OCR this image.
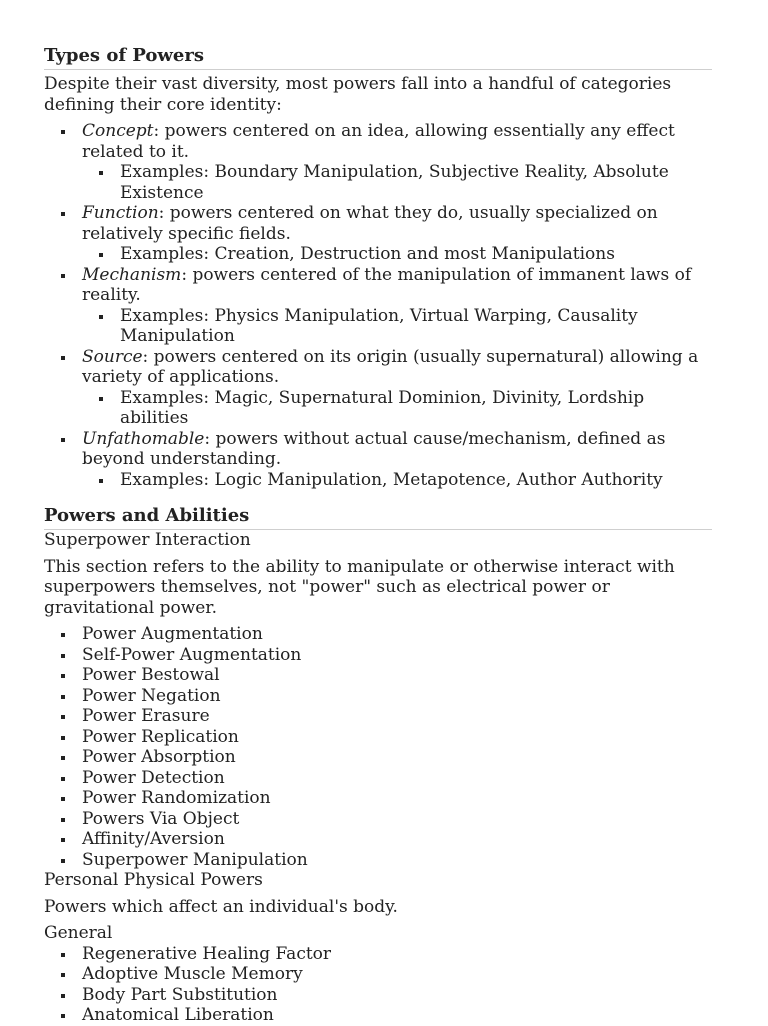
Types of Powers

Despite their vast diversity, most powers fall into a handful of categories defining their core identity:

Concept: powers centered on an idea, allowing essentially any effect related to it.
Examples: Boundary Manipulation, Subjective Reality, Absolute Existence
Function: powers centered on what they do, usually specialized on relatively specific fields.
Examples: Creation, Destruction and most Manipulations
Mechanism: powers centered of the manipulation of immanent laws of reality.
Examples: Physics Manipulation, Virtual Warping, Causality Manipulation
Source: powers centered on its origin (usually supernatural) allowing a variety of applications.
Examples: Magic, Supernatural Dominion, Divinity, Lordship abilities
Unfathomable: powers without actual cause/mechanism, defined as beyond understanding.
Examples: Logic Manipulation, Metapotence, Author Authority
Powers and Abilities

Superpower Interaction

This section refers to the ability to manipulate or otherwise interact with superpowers themselves, not "power" such as electrical power or gravitational power.

Power Augmentation
Self-Power Augmentation
Power Bestowal
Power Negation
Power Erasure
Power Replication
Power Absorption
Power Detection
Power Randomization
Powers Via Object
Affinity/Aversion
Superpower Manipulation

Personal Physical Powers

Powers which affect an individual's body.

General

Regenerative Healing Factor
Adoptive Muscle Memory
Body Part Substitution
Anatomical Liberation
